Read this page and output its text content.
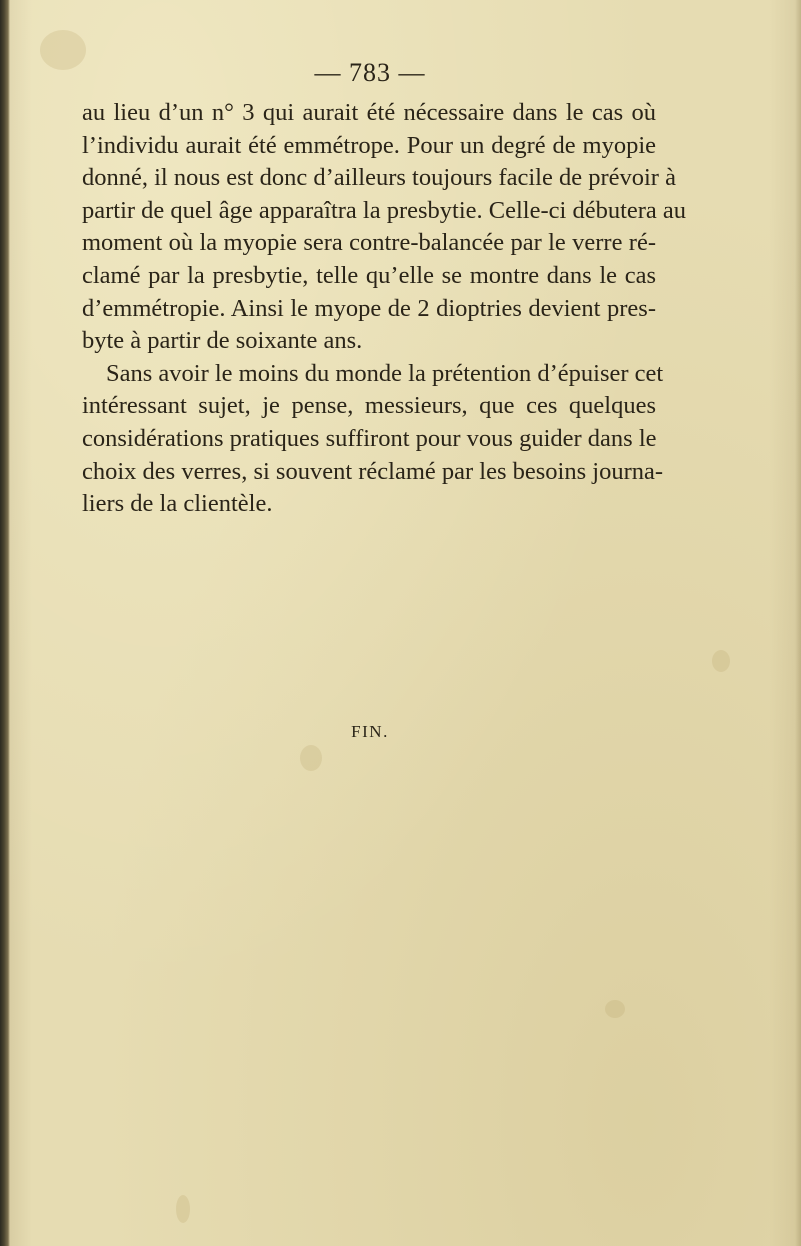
— 783 —

au lieu d’un n° 3 qui aurait été nécessaire dans le cas où
l’individu aurait été emmétrope. Pour un degré de myopie
donné, il nous est donc d’ailleurs toujours facile de prévoir à
partir de quel âge apparaîtra la presbytie. Celle-ci débutera au
moment où la myopie sera contre-balancée par le verre ré-
clamé par la presbytie, telle qu’elle se montre dans le cas
d’emmétropie. Ainsi le myope de 2 dioptries devient pres-
byte à partir de soixante ans.

Sans avoir le moins du monde la prétention d’épuiser cet
intéressant sujet, je pense, messieurs, que ces quelques
considérations pratiques suffiront pour vous guider dans le
choix des verres, si souvent réclamé par les besoins journa-
liers de la clientèle.

FIN.
